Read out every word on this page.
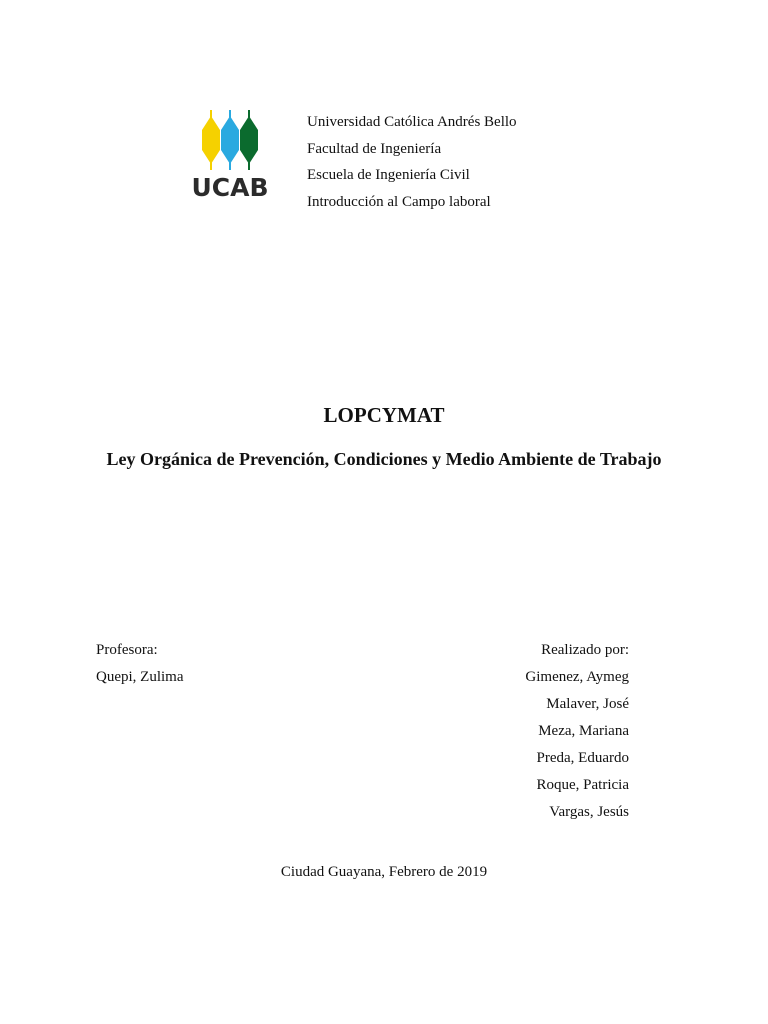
UCAB
Universidad Católica Andrés Bello
Facultad de Ingeniería
Escuela de Ingeniería Civil
Introducción al Campo laboral
LOPCYMAT
Ley Orgánica de Prevención, Condiciones y Medio Ambiente de Trabajo
Profesora:
Quepi, Zulima
Realizado por:
Gimenez, Aymeg
Malaver, José
Meza, Mariana
Preda, Eduardo
Roque, Patricia
Vargas, Jesús
Ciudad Guayana, Febrero de 2019
